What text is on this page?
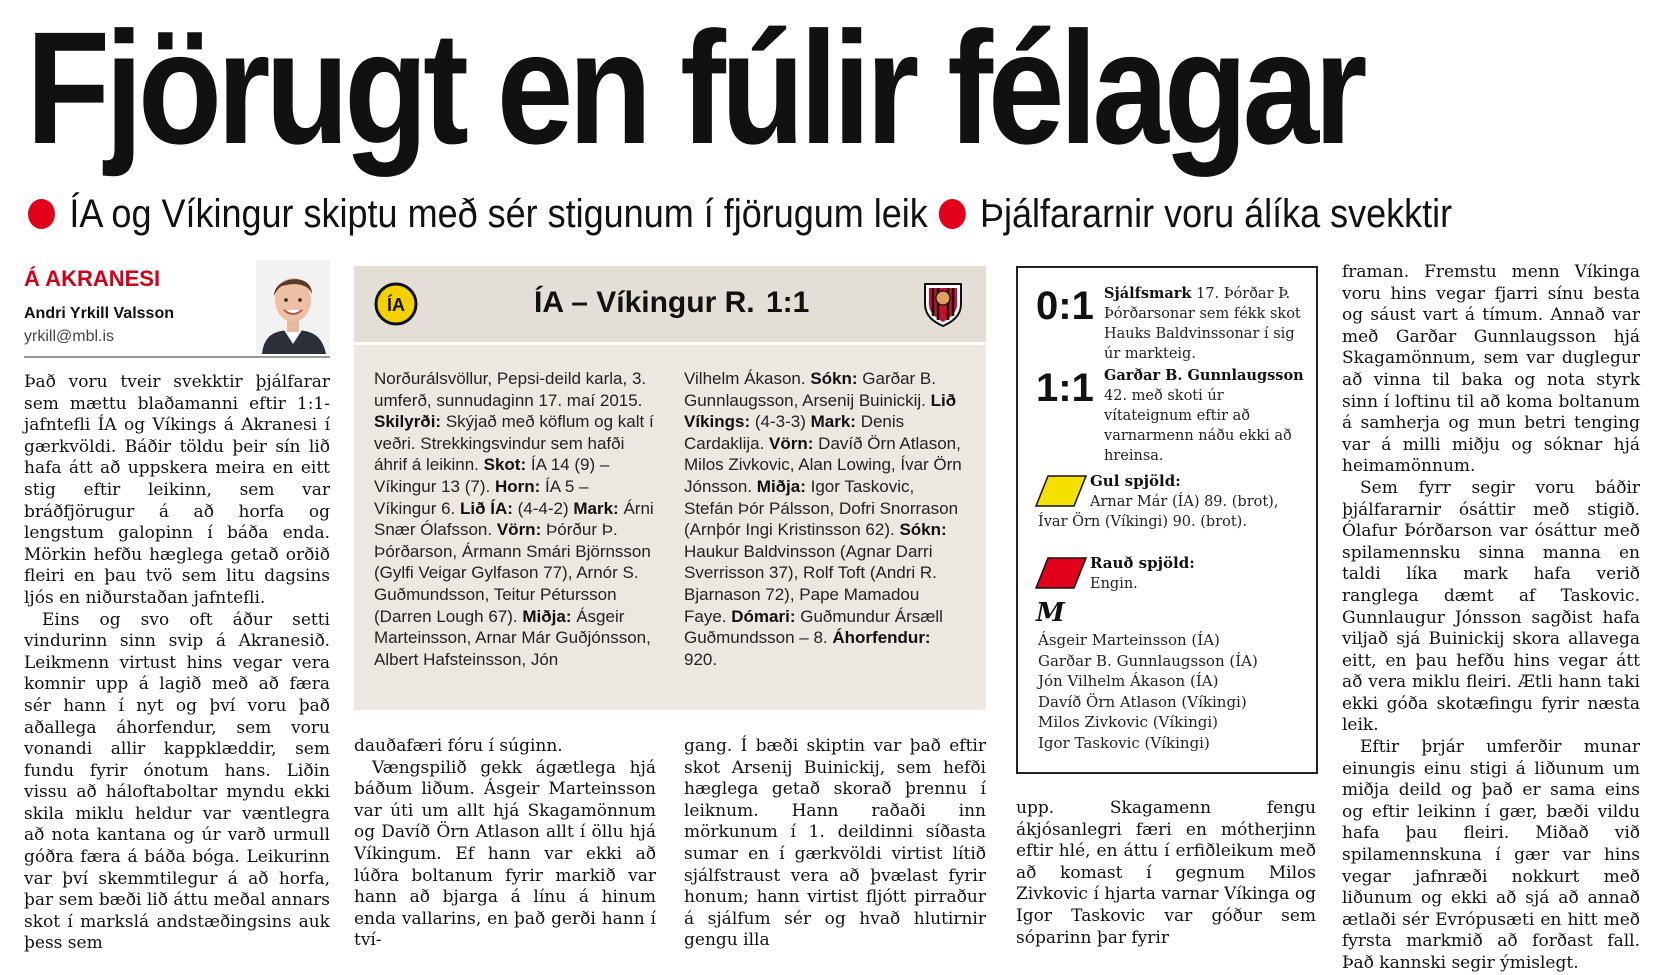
Fjörugt en fúlir félagar
ÍA og Víkingur skiptu með sér stigunum í fjörugum leik Þjálfararnir voru álíka svekktir
Á AKRANESI
Andri Yrkill Valsson
yrkill@mbl.is

Það voru tveir svekktir þjálfarar sem mættu blaðamanni eftir 1:1-jafntefli ÍA og Víkings á Akranesi í gærkvöldi. Báðir töldu þeir sín lið hafa átt að uppskera meira en eitt stig eftir leikinn, sem var bráðfjörugur á að horfa og lengstum galopinn í báða enda. Mörkin hefðu hæglega getað orðið fleiri en þau tvö sem litu dagsins ljós en niðurstaðan jafntefli.

Eins og svo oft áður setti vindurinn sinn svip á Akranesið. Leikmenn virtust hins vegar vera komnir upp á lagið með að færa sér hann í nyt og því voru það aðallega áhorfendur, sem voru vonandi allir kappklæddir, sem fundu fyrir ónotum hans. Liðin vissu að háloftaboltar myndu ekki skila miklu heldur var væntlegra að nota kantana og úr varð urmull góðra færa á báða bóga. Leikurinn var því skemmtilegur á að horfa, þar sem bæði lið áttu meðal annars skot í markslá andstæðingsins auk þess sem

ÍA	ÍA – Víkingur R. 1:1
Norðurálsvöllur, Pepsi-deild karla, 3. umferð, sunnudaginn 17. maí 2015. Skilyrði: Skýjað með köflum og kalt í veðri. Strekkingsvindur sem hafði áhrif á leikinn. Skot: ÍA 14 (9) – Víkingur 13 (7). Horn: ÍA 5 – Víkingur 6. Lið ÍA: (4-4-2) Mark: Árni Snær Ólafsson. Vörn: Þórður Þ. Þórðarson, Ármann Smári Björnsson (Gylfi Veigar Gylfason 77), Arnór S. Guðmundsson, Teitur Pétursson (Darren Lough 67). Miðja: Ásgeir Marteinsson, Arnar Már Guðjónsson, Albert Hafsteinsson, Jón
Vilhelm Ákason. Sókn: Garðar B. Gunnlaugsson, Arsenij Buinickij. Lið Víkings: (4-3-3) Mark: Denis Cardaklija. Vörn: Davíð Örn Atlason, Milos Zivkovic, Alan Lowing, Ívar Örn Jónsson. Miðja: Igor Taskovic, Stefán Þór Pálsson, Dofri Snorrason (Arnþór Ingi Kristinsson 62). Sókn: Haukur Baldvinsson (Agnar Darri Sverrisson 37), Rolf Toft (Andri R. Bjarnason 72), Pape Mamadou Faye. Dómari: Guðmundur Ársæll Guðmundsson – 8. Áhorfendur: 920.

dauðafæri fóru í súginn.

Vængspilið gekk ágætlega hjá báðum liðum. Ásgeir Marteinsson var úti um allt hjá Skagamönnum og Davíð Örn Atlason allt í öllu hjá Víkingum. Ef hann var ekki að lúðra boltanum fyrir markið var hann að bjarga á línu á hinum enda vallarins, en það gerði hann í tví-

gang. Í bæði skiptin var það eftir skot Arsenij Buinickij, sem hefði hæglega getað skorað þrennu í leiknum. Hann raðaði inn mörkunum í 1. deildinni síðasta sumar en í gærkvöldi virtist lítið sjálfstraust vera að þvælast fyrir honum; hann virtist fljótt pirraður á sjálfum sér og hvað hlutirnir gengu illa

0:1 Sjálfsmark 17. Þórðar Þ. Þórðarsonar sem fékk skot Hauks Baldvinssonar í sig úr markteig.
1:1 Garðar B. Gunnlaugsson 42. með skoti úr vítateignum eftir að varnarmenn náðu ekki að hreinsa.
Gul spjöld:
Arnar Már (ÍA) 89. (brot), Ívar Örn (Víkingi) 90. (brot).
Rauð spjöld:
Engin.
M
Ásgeir Marteinsson (ÍA)
Garðar B. Gunnlaugsson (ÍA)
Jón Vilhelm Ákason (ÍA)
Davíð Örn Atlason (Víkingi)
Milos Zivkovic (Víkingi)
Igor Taskovic (Víkingi)

upp. Skagamenn fengu ákjósanlegri færi en mótherjinn eftir hlé, en áttu í erfiðleikum með að komast í gegnum Milos Zivkovic í hjarta varnar Víkinga og Igor Taskovic var góður sem sóparinn þar fyrir

framan. Fremstu menn Víkinga voru hins vegar fjarri sínu besta og sáust vart á tímum. Annað var með Garðar Gunnlaugsson hjá Skagamönnum, sem var duglegur að vinna til baka og nota styrk sinn í loftinu til að koma boltanum á samherja og mun betri tenging var á milli miðju og sóknar hjá heimamönnum.

Sem fyrr segir voru báðir þjálfararnir ósáttir með stigið. Ólafur Þórðarson var ósáttur með spilamennsku sinna manna en taldi líka mark hafa verið ranglega dæmt af Taskovic. Gunnlaugur Jónsson sagðist hafa viljað sjá Buinickij skora allavega eitt, en þau hefðu hins vegar átt að vera miklu fleiri. Ætli hann taki ekki góða skotæfingu fyrir næsta leik.

Eftir þrjár umferðir munar einungis einu stigi á liðunum um miðja deild og það er sama eins og eftir leikinn í gær, bæði vildu hafa þau fleiri. Miðað við spilamennskuna í gær var hins vegar jafnræði nokkurt með liðunum og ekki að sjá að annað ætlaði sér Evrópusæti en hitt með fyrsta markmið að forðast fall. Það kannski segir ýmislegt.
